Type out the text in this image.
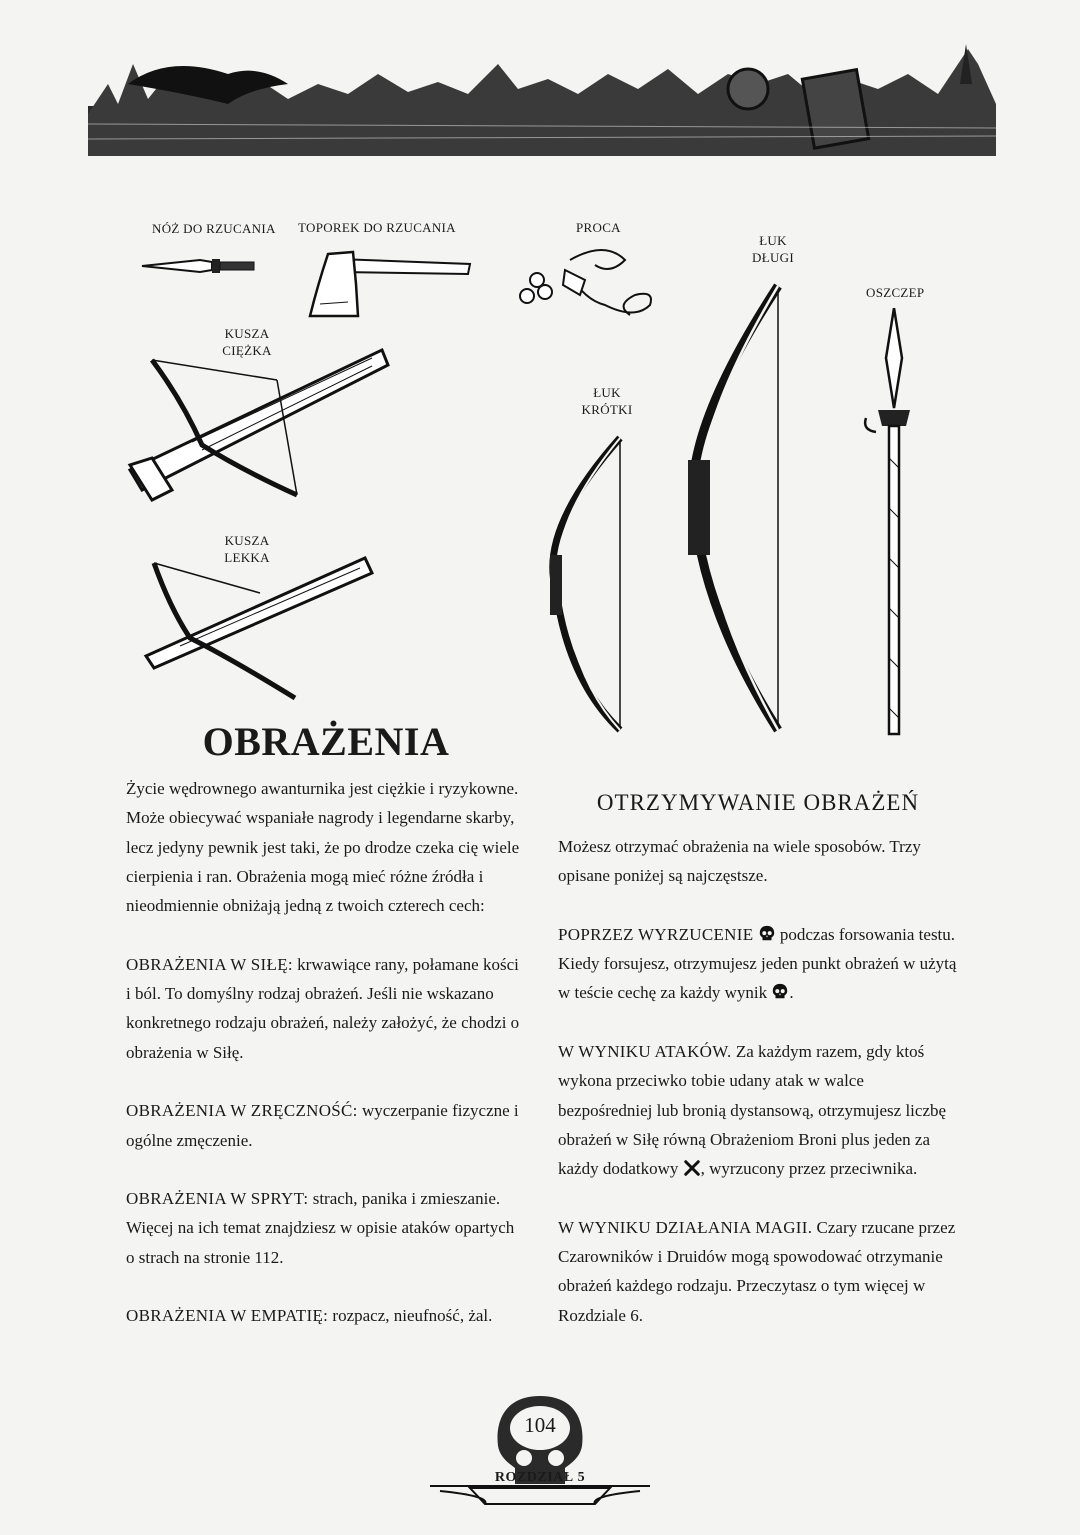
NÓŻ DO RZUCANIA TOPOREK DO RZUCANIA	PROCA
ŁUK
DŁUGI
OSZCZEP
KUSZA
CIĘŻKA
ŁUK
KRÓTKI
KUSZA
LEKKA
OBRAŻENIA
OTRZYMYWANIE OBRAŻEŃ

Życie wędrownego awanturnika jest ciężkie i ryzykowne. Może obiecywać wspaniałe nagrody i legendarne skarby, lecz jedyny pewnik jest taki, że po drodze czeka cię wiele cierpienia i ran. Obrażenia mogą mieć różne źródła i nieodmiennie obniżają jedną z twoich czterech cech:

OBRAŻENIA W SIŁĘ: krwawiące rany, połamane kości i ból. To domyślny rodzaj obrażeń. Jeśli nie wskazano konkretnego rodzaju obrażeń, należy założyć, że chodzi o obrażenia w Siłę.

OBRAŻENIA W ZRĘCZNOŚĆ: wyczerpanie fizyczne i ogólne zmęczenie.

OBRAŻENIA W SPRYT: strach, panika i zmieszanie. Więcej na ich temat znajdziesz w opisie ataków opartych o strach na stronie 112.

OBRAŻENIA W EMPATIĘ: rozpacz, nieufność, żal.

Możesz otrzymać obrażenia na wiele sposobów. Trzy opisane poniżej są najczęstsze.

POPRZEZ WYRZUCENIE  podczas forsowania testu. Kiedy forsujesz, otrzymujesz jeden punkt obrażeń w użytą w teście cechę za każdy wynik .

W WYNIKU ATAKÓW. Za każdym razem, gdy ktoś wykona przeciwko tobie udany atak w walce bezpośredniej lub bronią dystansową, otrzymujesz liczbę obrażeń w Siłę równą Obrażeniom Broni plus jeden za każdy dodatkowy , wyrzucony przez przeciwnika.

W WYNIKU DZIAŁANIA MAGII. Czary rzucane przez Czarowników i Druidów mogą spowodować otrzymanie obrażeń każdego rodzaju. Przeczytasz o tym więcej w Rozdziale 6.

104
ROZDZIAŁ 5
